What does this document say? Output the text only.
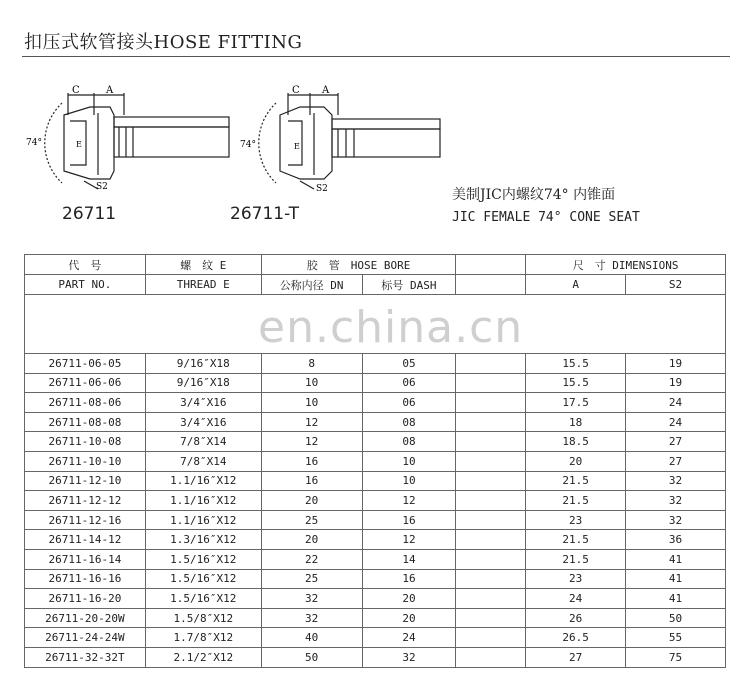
扣压式软管接头HOSE FITTING
C	A
74°	E
S2
C A
74°	E
S2
26711	26711-T
美制JIC内螺纹74° 内锥面
JIC FEMALE 74° CONE SEAT
代　号	螺　纹 E	胶　管　HOSE BORE			尺　寸 DIMENSIONS	
PART NO.	THREAD E	公称内径 DN	标号 DASH		A	S2

26711-06-05	9/16″X18	8	05		15.5	19
26711-06-06	9/16″X18	10	06		15.5	19
26711-08-06	3/4″X16	10	06		17.5	24
26711-08-08	3/4″X16	12	08		18	24
26711-10-08	7/8″X14	12	08		18.5	27
26711-10-10	7/8″X14	16	10		20	27
26711-12-10	1.1/16″X12	16	10		21.5	32
26711-12-12	1.1/16″X12	20	12		21.5	32
26711-12-16	1.1/16″X12	25	16		23	32
26711-14-12	1.3/16″X12	20	12		21.5	36
26711-16-14	1.5/16″X12	22	14		21.5	41
26711-16-16	1.5/16″X12	25	16		23	41
26711-16-20	1.5/16″X12	32	20		24	41
26711-20-20W	1.5/8″X12	32	20		26	50
26711-24-24W	1.7/8″X12	40	24		26.5	55
26711-32-32T	2.1/2″X12	50	32		27	75
en.china.cn
